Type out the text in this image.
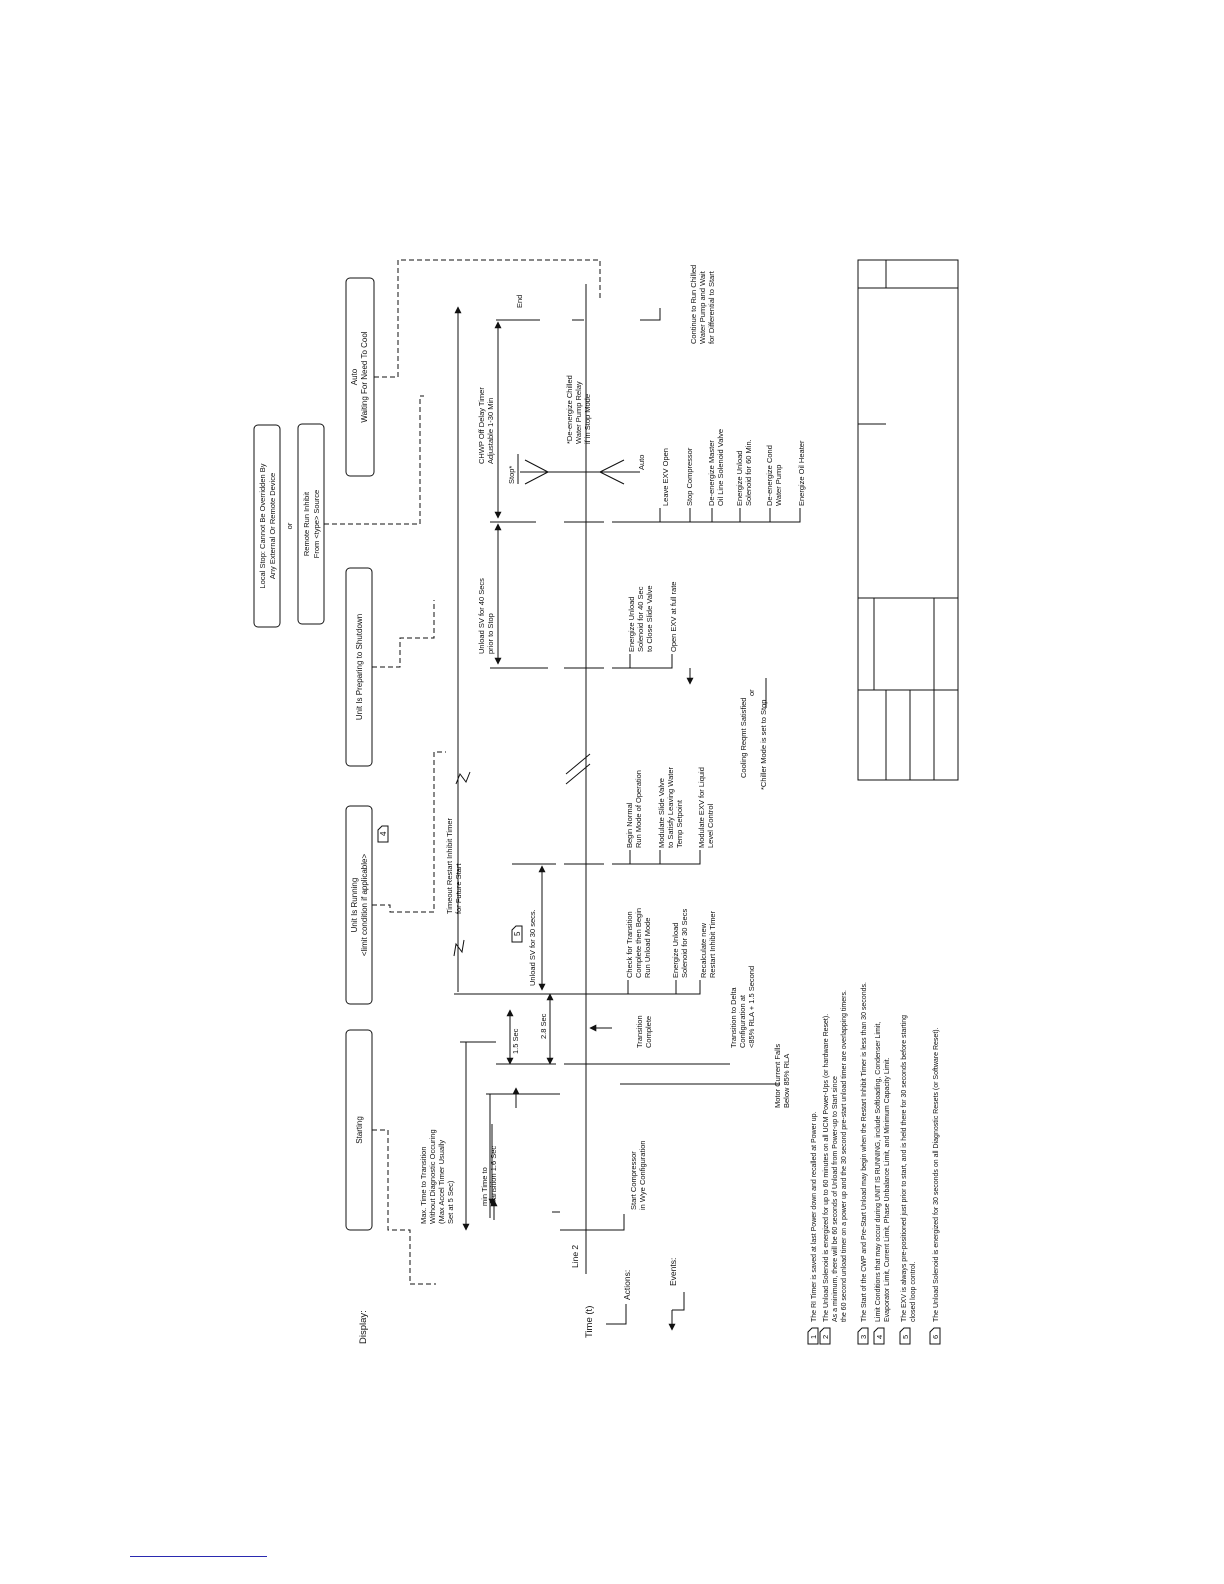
Display:
Starting
Unit Is Running <limit condition if applicable>
Unit Is Preparing to Shutdown
Local Stop: Cannot Be Overridden By Any External Or Remote Device or Remote Run Inhibit From <type> Source
Auto Waiting For Need To Cool
Max. Time to Transition Without Diagnostic Occuring (Max Accel Timer Usually Set at 5 Sec)	min Time to Transition 1.6 Sec
1.5 Sec
2.8 Sec
Unload SV for 30 secs.
5
4	Timeout Restart Inhibit Timer for Future Start
Unload SV for 40 Secs prior to Stop
CHWP Off Delay Timer Adjustable 1-30 Min
Stop*
End
Auto
*De-energize Chilled Water Pump Relay if in Stop Mode
Line 2
Time (t)
Actions:	Events:
Start Compressor in Wye Configuration
Transition Complete
Check for Transition Complete then Begin Run Unload Mode	Energize Unload Solenoid for 30 Secs Recalculate new Restart Inhibit Timer
Begin Normal Run Mode of Operation Modulate Slide Valve to Satisfy Leaving Water Temp Setpoint Modulate EXV for Liquid Level Control
Energize Unload Solenoid for 40 Sec to Close Slide Valve Open EXV at full rate
Leave EXV Open Stop Compressor De-energize Master Oil Line Solenoid Valve Energize Unload Solenoid for 60 Min. De-energize Cond Water Pump Energize Oil Heater
Continue to Run Chilled Water Pump and Wait for Differential to Start
Transition to Delta Configuration at <85% RLA + 1.5 Second
Motor Current Falls Below 85% RLA
Cooling Reqmt Satisfied
or
*Chiller Mode is set to Stop
1
The RI Timer is saved at last Power down and recalled at Power up.
2
The Unload Solenoid is energized for up to 60 minutes on all UCM Power-Ups (or hardware Reset). As a minimum, there will be 60 seconds of Unload from Power-up to Start since the 60 second unload timer on a power up and the 30 second pre-start unload timer are overlapping timers.
3
The Start of the CWP and Pre-Start Unload may begin when the Restart Inhibit Timer is less than 30 seconds.
4
Limit Conditions that may occur during UNIT IS RUNNING, include Softloading, Condenser Limit, Evaporator Limit, Current Limit, Phase Unbalance Limit, and Minimum Capacity Limit.
5
The EXV is always pre-positioned just prior to start, and is held there for 30 seconds before starting closed loop control.
6
The Unload Solenoid is energized for 30 seconds on all Diagnostic Resets (or Software Reset).
